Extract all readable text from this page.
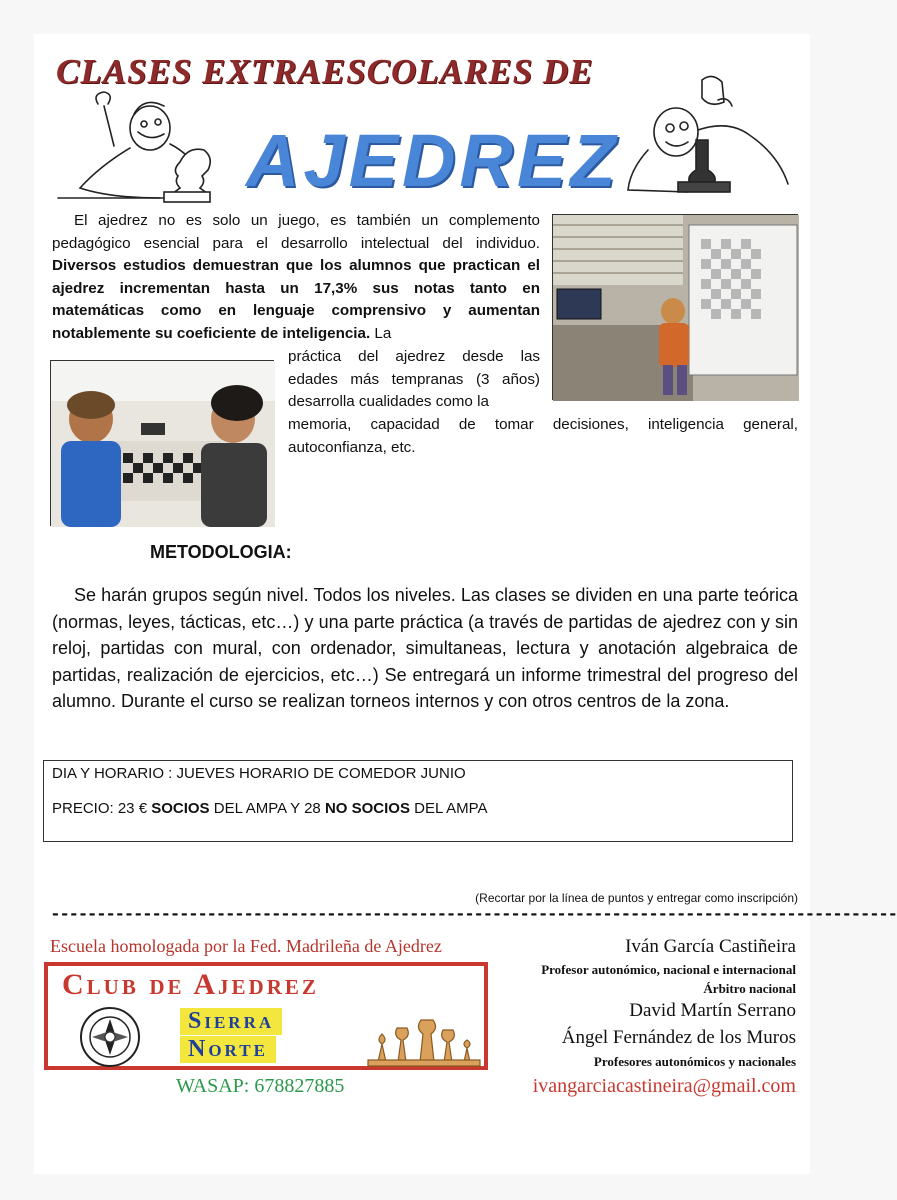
CLASES EXTRAESCOLARES DE
AJEDREZ
El ajedrez no es solo un juego, es también un complemento pedagógico esencial para el desarrollo intelectual del individuo. Diversos estudios demuestran que los alumnos que practican el ajedrez incrementan hasta un 17,3% sus notas tanto en matemáticas como en lenguaje comprensivo y aumentan notablemente su coeficiente de inteligencia. La
práctica del ajedrez desde las edades más tempranas (3 años) desarrolla cualidades como la
memoria, capacidad de tomar decisiones, inteligencia general, autoconfianza, etc.
METODOLOGIA:
Se harán grupos según nivel. Todos los niveles. Las clases se dividen en una parte teórica (normas, leyes, tácticas, etc…) y una parte práctica (a través de partidas de ajedrez con y sin reloj, partidas con mural, con ordenador, simultaneas, lectura y anotación algebraica de partidas, realización de ejercicios, etc…) Se entregará un informe trimestral del progreso del alumno. Durante el curso se realizan torneos internos y con otros centros de la zona.
DIA Y HORARIO : JUEVES HORARIO DE COMEDOR JUNIO
PRECIO: 23 € SOCIOS DEL AMPA Y 28 NO SOCIOS DEL AMPA
(Recortar por la línea de puntos y entregar como inscripción)
--------------------------------------------------------------------------------------------
Escuela homologada por la Fed. Madrileña de Ajedrez
Club de Ajedrez
Sierra
Norte
WASAP: 678827885
Iván García Castiñeira
Profesor autonómico, nacional e internacional
Árbitro nacional
David Martín Serrano
Ángel Fernández de los Muros
Profesores autonómicos y nacionales
ivangarciacastineira@gmail.com
